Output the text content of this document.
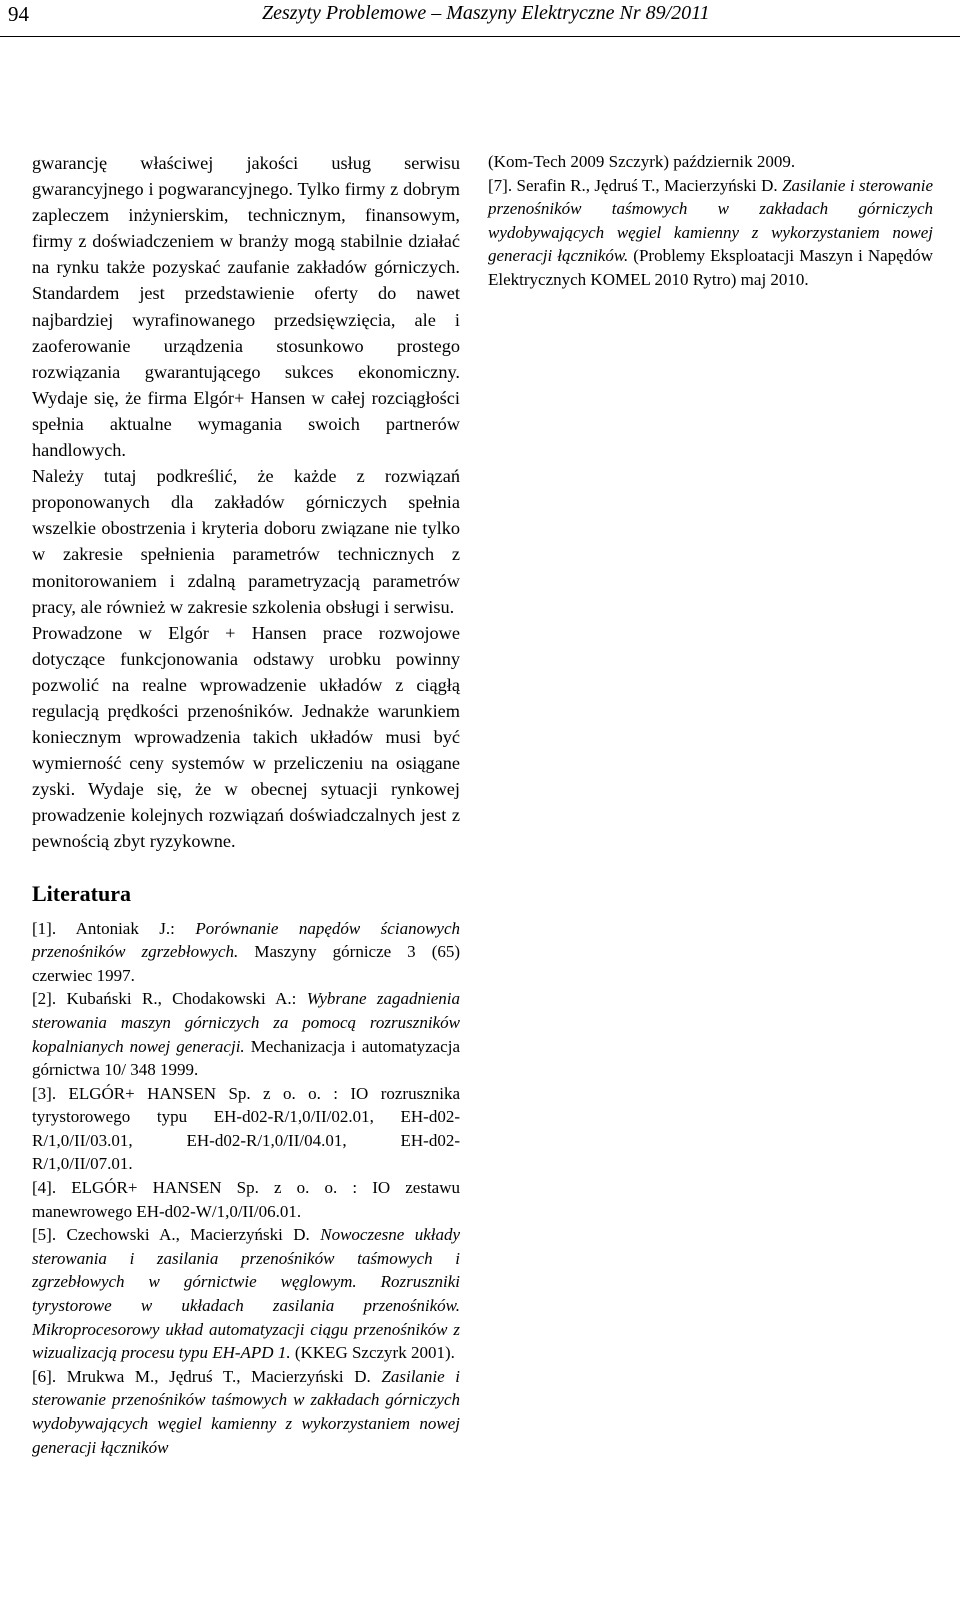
94	Zeszyty Problemowe – Maszyny Elektryczne Nr 89/2011

gwarancję właściwej jakości usług serwisu gwarancyjnego i pogwarancyjnego. Tylko firmy z dobrym zapleczem inżynierskim, technicznym, finansowym, firmy z doświadczeniem w branży mogą stabilnie działać na rynku także pozyskać zaufanie zakładów górniczych. Standardem jest przedstawienie oferty do nawet najbardziej wyrafinowanego przedsięwzięcia, ale i zaoferowanie urządzenia stosunkowo prostego rozwiązania gwarantującego sukces ekonomiczny. Wydaje się, że firma Elgór+ Hansen w całej rozciągłości spełnia aktualne wymagania swoich partnerów handlowych.

Należy tutaj podkreślić, że każde z rozwiązań proponowanych dla zakładów górniczych spełnia wszelkie obostrzenia i kryteria doboru związane nie tylko w zakresie spełnienia parametrów technicznych z monitorowaniem i zdalną parametryzacją parametrów pracy, ale również w zakresie szkolenia obsługi i serwisu.

Prowadzone w Elgór + Hansen prace rozwojowe dotyczące funkcjonowania odstawy urobku powinny pozwolić na realne wprowadzenie układów z ciągłą regulacją prędkości przenośników. Jednakże warunkiem koniecznym wprowadzenia takich układów musi być wymierność ceny systemów w przeliczeniu na osiągane zyski. Wydaje się, że w obecnej sytuacji rynkowej prowadzenie kolejnych rozwiązań doświadczalnych jest z pewnością zbyt ryzykowne.

Literatura

[1]. Antoniak J.: Porównanie napędów ścianowych przenośników zgrzebłowych. Maszyny górnicze 3 (65) czerwiec 1997.

[2]. Kubański R., Chodakowski A.: Wybrane zagadnienia sterowania maszyn górniczych za pomocą rozruszników kopalnianych nowej generacji. Mechanizacja i automatyzacja górnictwa 10/ 348 1999.

[3]. ELGÓR+ HANSEN Sp. z o. o. : IO rozrusznika tyrystorowego typu EH-d02-R/1,0/II/02.01, EH-d02-R/1,0/II/03.01, EH-d02-R/1,0/II/04.01, EH-d02-R/1,0/II/07.01.

[4]. ELGÓR+ HANSEN Sp. z o. o. : IO zestawu manewrowego EH-d02-W/1,0/II/06.01.

[5]. Czechowski A., Macierzyński D. Nowoczesne układy sterowania i zasilania przenośników taśmowych i zgrzebłowych w górnictwie węglowym. Rozruszniki tyrystorowe w układach zasilania przenośników. Mikroprocesorowy układ automatyzacji ciągu przenośników z wizualizacją procesu typu EH-APD 1. (KKEG Szczyrk 2001).

[6]. Mrukwa M., Jędruś T., Macierzyński D. Zasilanie i sterowanie przenośników taśmowych w zakładach górniczych wydobywających węgiel kamienny z wykorzystaniem nowej generacji łączników

(Kom-Tech 2009 Szczyrk) październik 2009.

[7]. Serafin R., Jędruś T., Macierzyński D. Zasilanie i sterowanie przenośników taśmowych w zakładach górniczych wydobywających węgiel kamienny z wykorzystaniem nowej generacji łączników. (Problemy Eksploatacji Maszyn i Napędów Elektrycznych KOMEL 2010 Rytro) maj 2010.
